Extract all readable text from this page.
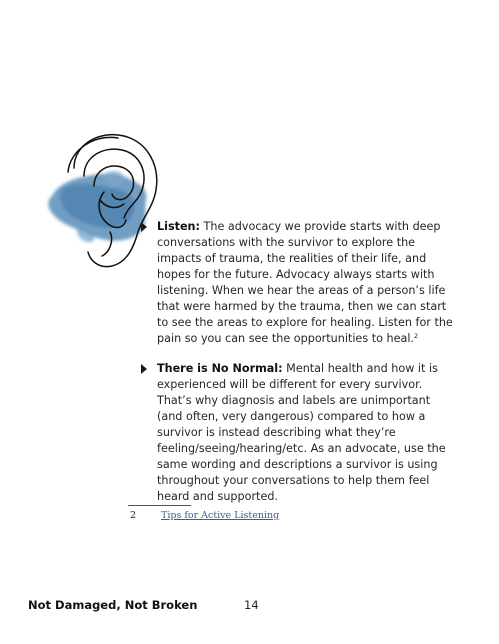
Listen: The advocacy we provide starts with deep conversations with the survivor to explore the impacts of trauma, the realities of their life, and hopes for the future. Advocacy always starts with listening. When we hear the areas of a person’s life that were harmed by the trauma, then we can start to see the areas to explore for healing. Listen for the pain so you can see the opportunities to heal.$^2$
There is No Normal: Mental health and how it is experienced will be different for every survivor. That’s why diagnosis and labels are unimportant (and often, very dangerous) compared to how a survivor is instead describing what they’re feeling/seeing/hearing/etc. As an advocate, use the same wording and descriptions a survivor is using throughout your conversations to help them feel heard and supported.
2	Tips for Active Listening
Not Damaged, Not Broken	14
